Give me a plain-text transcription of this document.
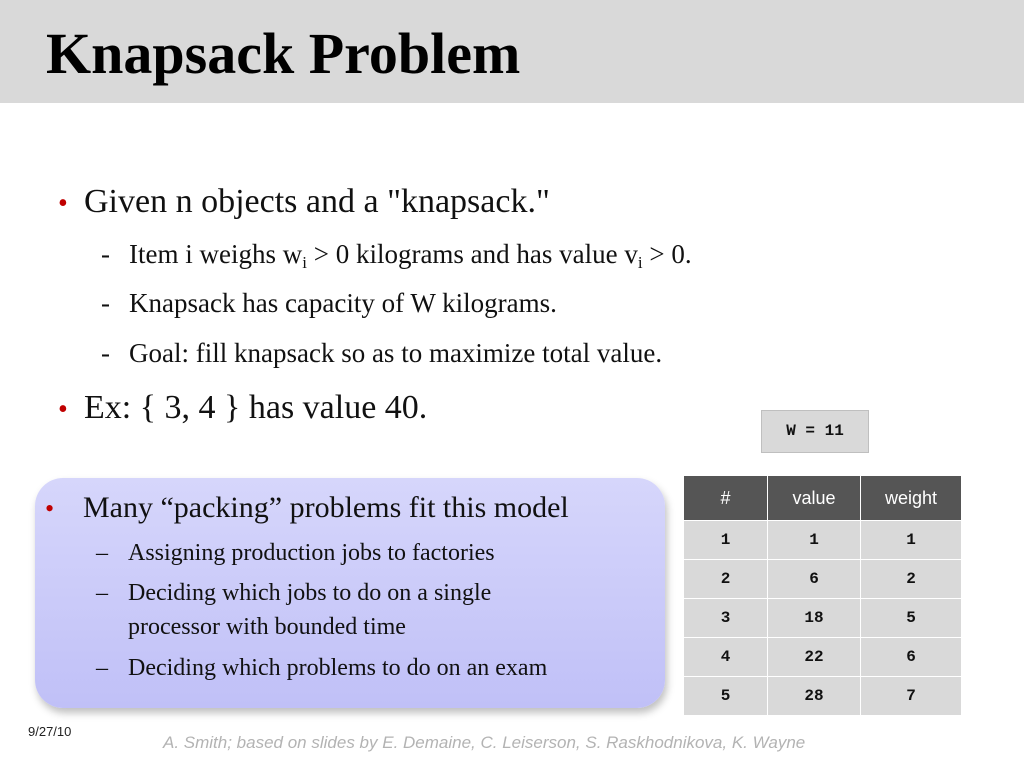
Knapsack Problem
• Given n objects and a "knapsack."
- Item i weighs $w_i > 0$ kilograms and has value $v_i > 0$.
- Knapsack has capacity of W kilograms.
- Goal: fill knapsack so as to maximize total value.
• Ex: { 3, 4 } has value 40.
W = 11
• Many “packing” problems fit this model
– Assigning production jobs to factories
– Deciding which jobs to do on a single
processor with bounded time
– Deciding which problems to do on an exam
#	value	weight
1	1	1
2	6	2
3	18	5
4	22	6
5	28	7
9/27/10
A. Smith; based on slides by E. Demaine, C. Leiserson, S. Raskhodnikova, K. Wayne
